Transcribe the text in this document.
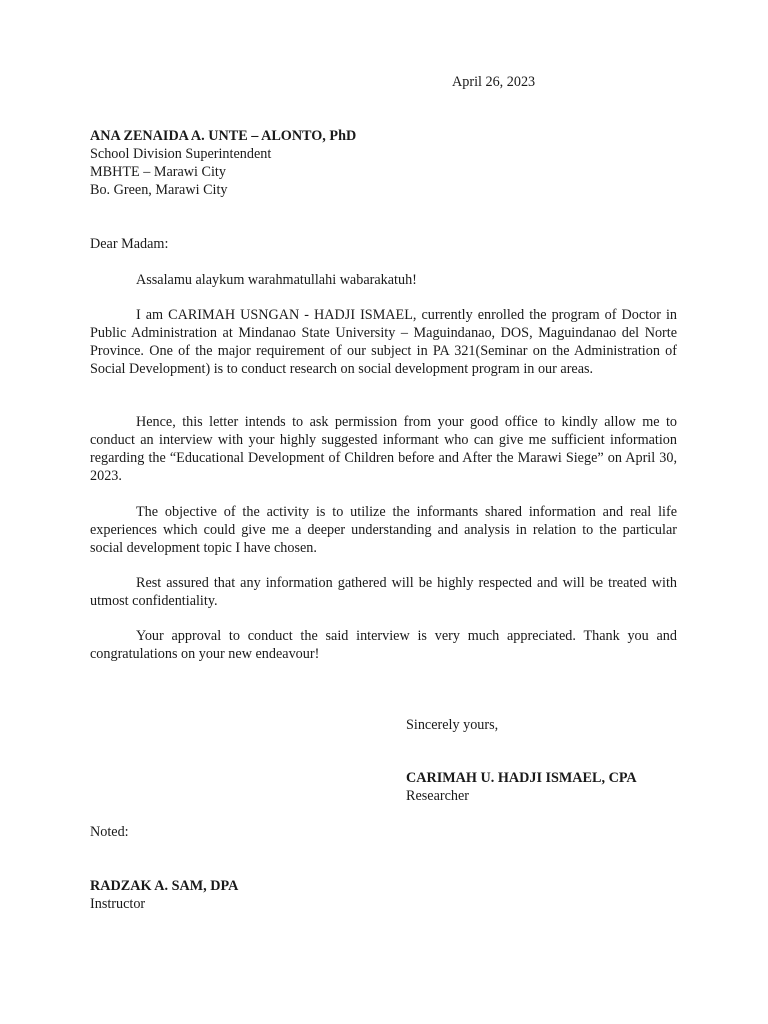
April 26, 2023
ANA ZENAIDA A. UNTE – ALONTO, PhD
School Division Superintendent
MBHTE – Marawi City
Bo. Green, Marawi City
Dear Madam:

Assalamu alaykum warahmatullahi wabarakatuh!

I am CARIMAH USNGAN - HADJI ISMAEL, currently enrolled the program of Doctor in Public Administration at Mindanao State University – Maguindanao, DOS, Maguindanao del Norte Province. One of the major requirement of our subject in PA 321(Seminar on the Administration of Social Development) is to conduct research on social development program in our areas.

Hence, this letter intends to ask permission from your good office to kindly allow me to conduct an interview with your highly suggested informant who can give me sufficient information regarding the “Educational Development of Children before and After the Marawi Siege” on April 30, 2023.

The objective of the activity is to utilize the informants shared information and real life experiences which could give me a deeper understanding and analysis in relation to the particular social development topic I have chosen.

Rest assured that any information gathered will be highly respected and will be treated with utmost confidentiality.

Your approval to conduct the said interview is very much appreciated. Thank you and congratulations on your new endeavour!

Sincerely yours,
CARIMAH U. HADJI ISMAEL, CPA
Researcher
Noted:
RADZAK A. SAM, DPA
Instructor
